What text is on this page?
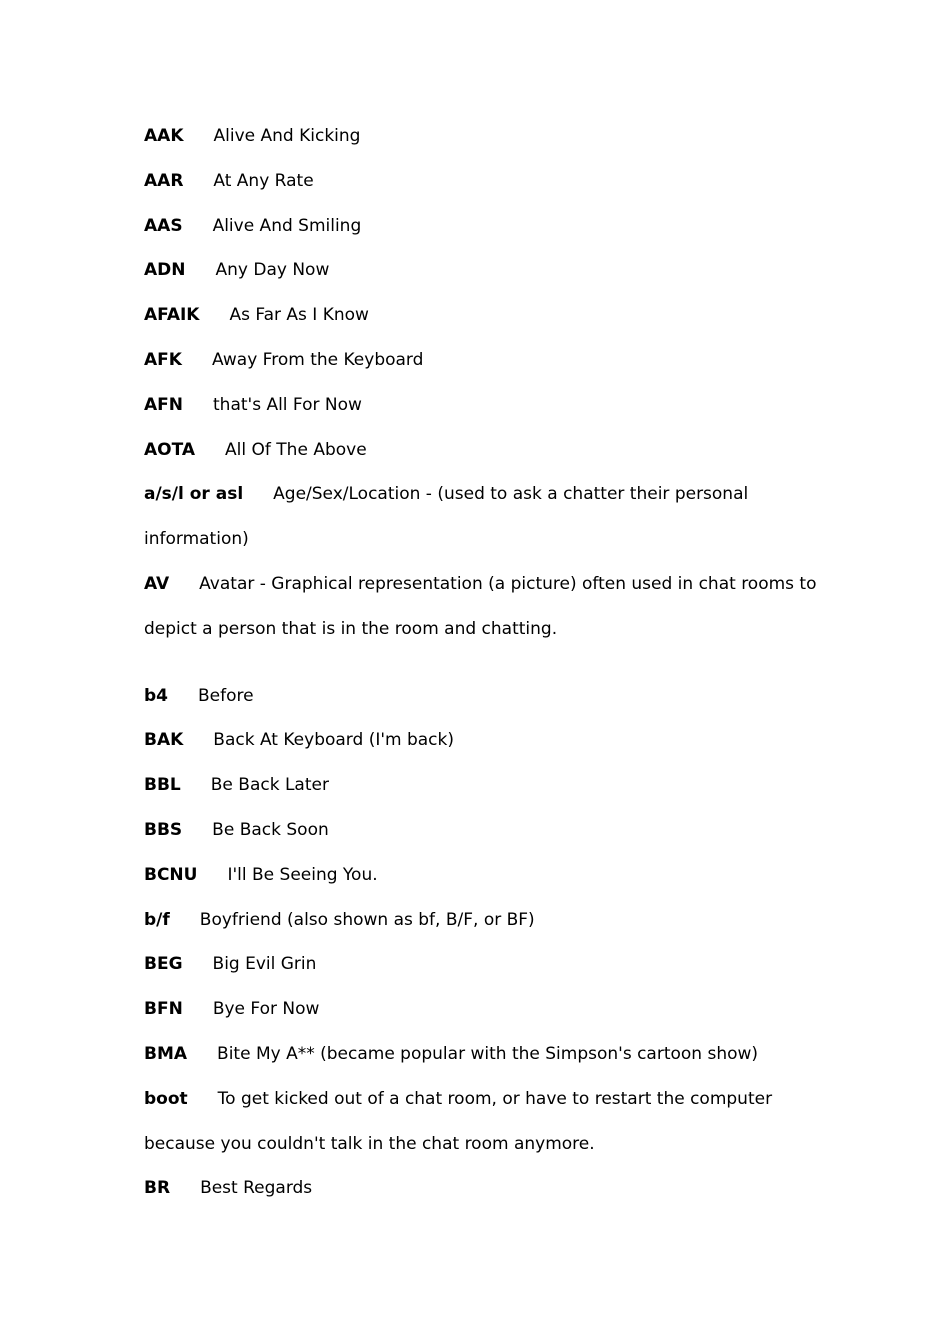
AAK Alive And Kicking
AAR At Any Rate
AAS Alive And Smiling
ADN Any Day Now
AFAIK As Far As I Know
AFK Away From the Keyboard
AFN that's All For Now
AOTA All Of The Above
a/s/l or asl Age/Sex/Location - (used to ask a chatter their personal information)
AV Avatar - Graphical representation (a picture) often used in chat rooms to depict a person that is in the room and chatting.
b4 Before
BAK Back At Keyboard (I'm back)
BBL Be Back Later
BBS Be Back Soon
BCNU I'll Be Seeing You.
b/f Boyfriend (also shown as bf, B/F, or BF)
BEG Big Evil Grin
BFN Bye For Now
BMA Bite My A** (became popular with the Simpson's cartoon show)
boot To get kicked out of a chat room, or have to restart the computer because you couldn't talk in the chat room anymore.
BR Best Regards
